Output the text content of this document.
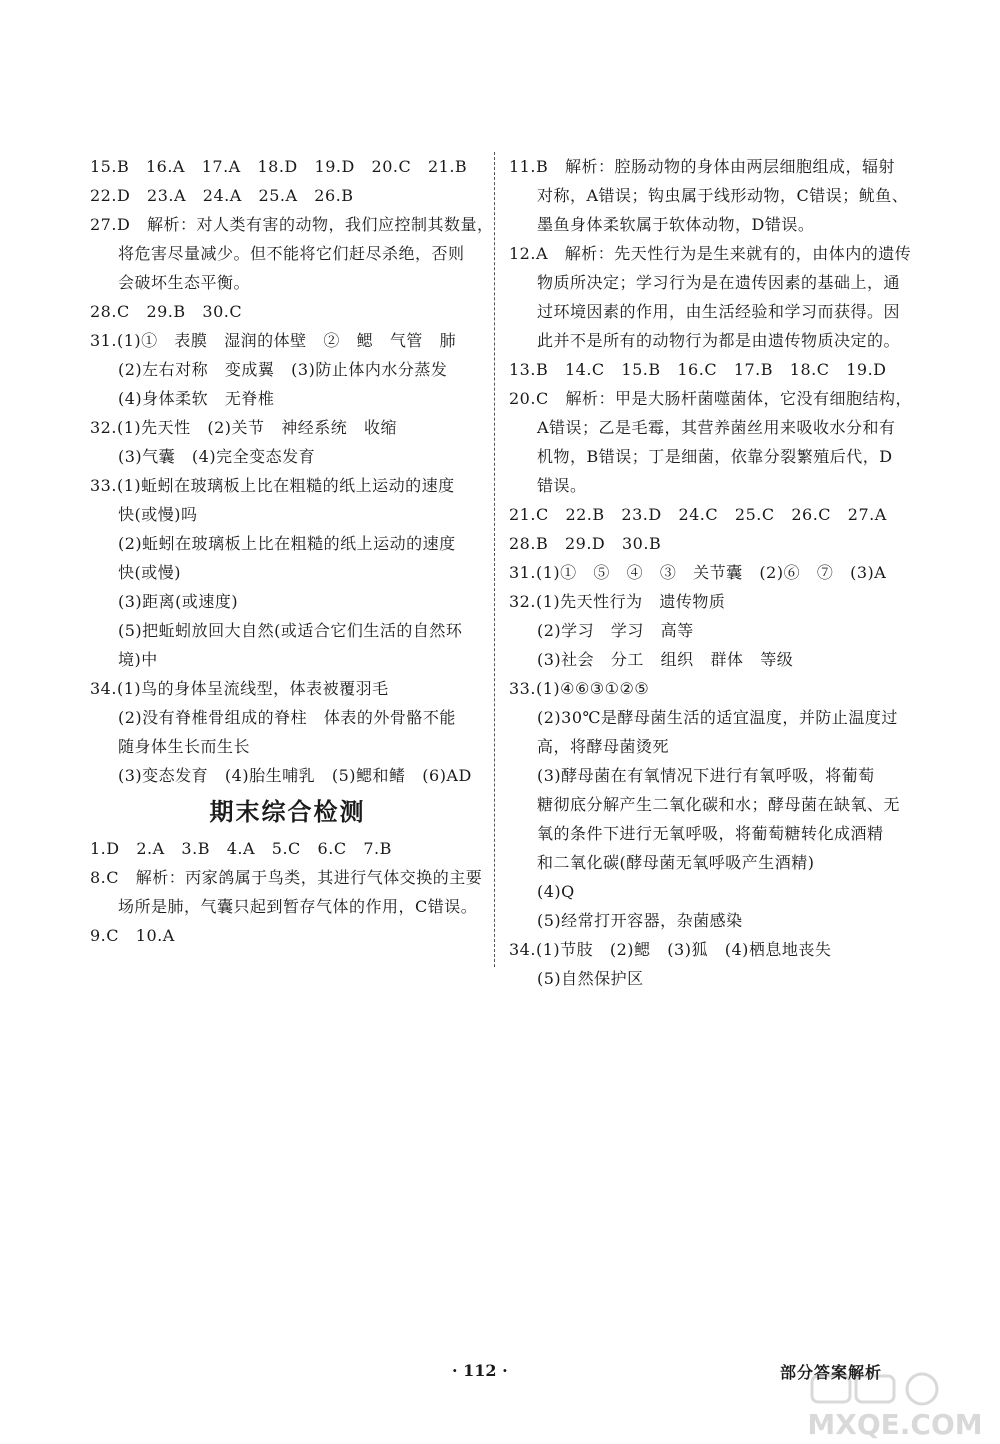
15.B   16.A   17.A   18.D   19.D   20.C   21.B
22.D   23.A   24.A   25.A   26.B
27.D   解析：对人类有害的动物，我们应控制其数量，
将危害尽量减少。但不能将它们赶尽杀绝，否则
会破坏生态平衡。
28.C   29.B   30.C
31.(1)①   表膜   湿润的体壁   ②   鳃   气管   肺
(2)左右对称   变成翼   (3)防止体内水分蒸发
(4)身体柔软   无脊椎
32.(1)先天性   (2)关节   神经系统   收缩
(3)气囊   (4)完全变态发育
33.(1)蚯蚓在玻璃板上比在粗糙的纸上运动的速度
快(或慢)吗
(2)蚯蚓在玻璃板上比在粗糙的纸上运动的速度
快(或慢)
(3)距离(或速度)
(5)把蚯蚓放回大自然(或适合它们生活的自然环
境)中
34.(1)鸟的身体呈流线型，体表被覆羽毛
(2)没有脊椎骨组成的脊柱   体表的外骨骼不能
随身体生长而生长
(3)变态发育   (4)胎生哺乳   (5)鳃和鳍   (6)AD
期末综合检测
1.D   2.A   3.B   4.A   5.C   6.C   7.B
8.C   解析：丙家鸽属于鸟类，其进行气体交换的主要
场所是肺，气囊只起到暂存气体的作用，C错误。
9.C   10.A
11.B   解析：腔肠动物的身体由两层细胞组成，辐射
对称，A错误；钩虫属于线形动物，C错误；鱿鱼、
墨鱼身体柔软属于软体动物，D错误。
12.A   解析：先天性行为是生来就有的，由体内的遗传
物质所决定；学习行为是在遗传因素的基础上，通
过环境因素的作用，由生活经验和学习而获得。因
此并不是所有的动物行为都是由遗传物质决定的。
13.B   14.C   15.B   16.C   17.B   18.C   19.D
20.C   解析：甲是大肠杆菌噬菌体，它没有细胞结构，
A错误；乙是毛霉，其营养菌丝用来吸收水分和有
机物，B错误；丁是细菌，依靠分裂繁殖后代，D
错误。
21.C   22.B   23.D   24.C   25.C   26.C   27.A
28.B   29.D   30.B
31.(1)①   ⑤   ④   ③   关节囊   (2)⑥   ⑦   (3)A
32.(1)先天性行为   遗传物质
(2)学习   学习   高等
(3)社会   分工   组织   群体   等级
33.(1)④⑥③①②⑤
(2)30℃是酵母菌生活的适宜温度，并防止温度过
高，将酵母菌烫死
(3)酵母菌在有氧情况下进行有氧呼吸，将葡萄
糖彻底分解产生二氧化碳和水；酵母菌在缺氧、无
氧的条件下进行无氧呼吸，将葡萄糖转化成酒精
和二氧化碳(酵母菌无氧呼吸产生酒精)
(4)Q
(5)经常打开容器，杂菌感染
34.(1)节肢   (2)鳃   (3)狐   (4)栖息地丧失
(5)自然保护区
· 112 ·	部分答案解析
MXQE.COM
